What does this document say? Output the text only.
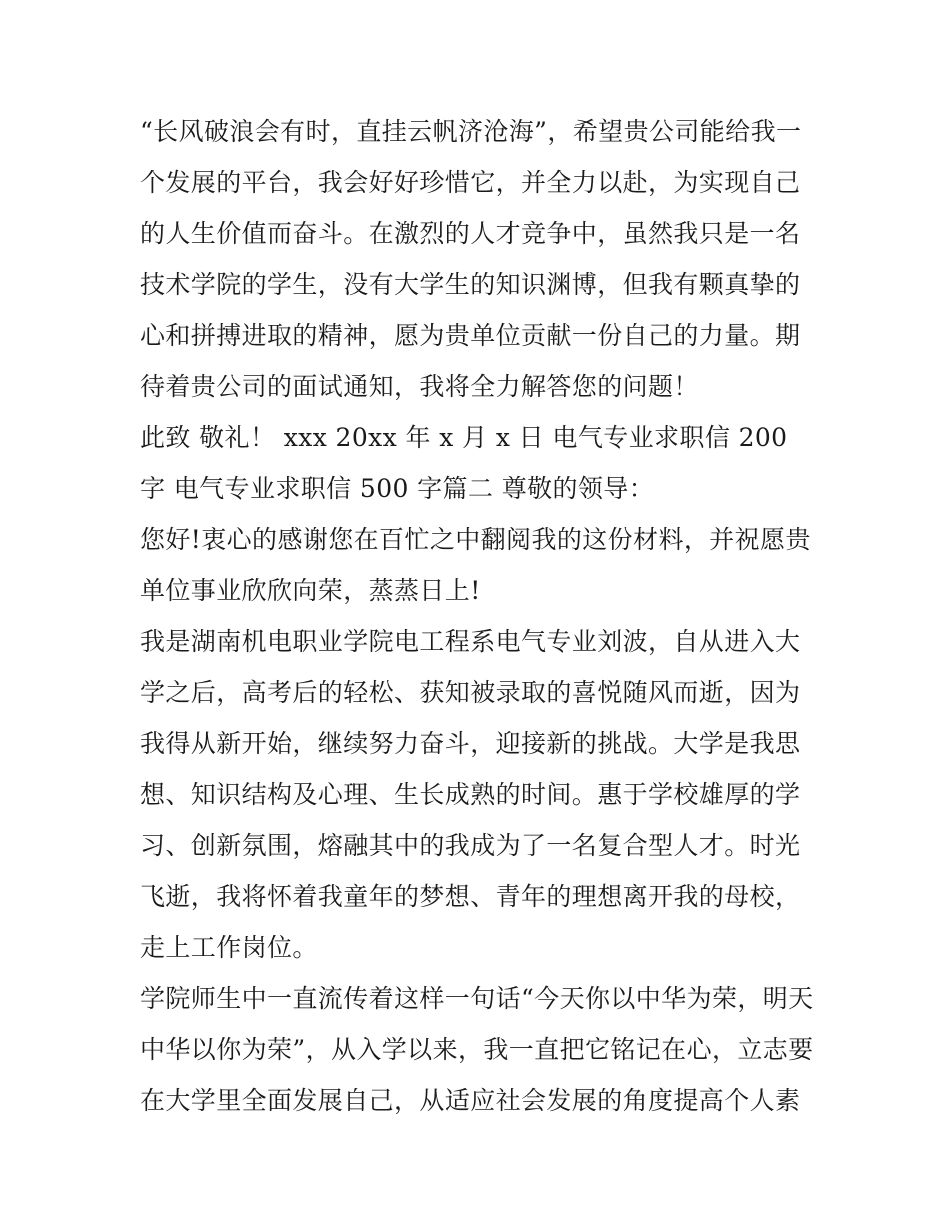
“长风破浪会有时，直挂云帆济沧海”，希望贵公司能给我一个发展的平台，我会好好珍惜它，并全力以赴，为实现自己的人生价值而奋斗。在激烈的人才竞争中，虽然我只是一名技术学院的学生，没有大学生的知识渊博，但我有颗真挚的心和拼搏进取的精神，愿为贵单位贡献一份自己的力量。期待着贵公司的面试通知，我将全力解答您的问题！

此致 敬礼！ xxx 20xx 年 x 月 x 日 电气专业求职信 200 字 电气专业求职信 500 字篇二 尊敬的领导：

您好!衷心的感谢您在百忙之中翻阅我的这份材料，并祝愿贵单位事业欣欣向荣，蒸蒸日上!

我是湖南机电职业学院电工程系电气专业刘波，自从进入大学之后，高考后的轻松、获知被录取的喜悦随风而逝，因为我得从新开始，继续努力奋斗，迎接新的挑战。大学是我思想、知识结构及心理、生长成熟的时间。惠于学校雄厚的学习、创新氛围，熔融其中的我成为了一名复合型人才。时光飞逝，我将怀着我童年的梦想、青年的理想离开我的母校，走上工作岗位。

学院师生中一直流传着这样一句话“今天你以中华为荣，明天中华以你为荣”，从入学以来，我一直把它铭记在心，立志要在大学里全面发展自己，从适应社会发展的角度提高个人素
